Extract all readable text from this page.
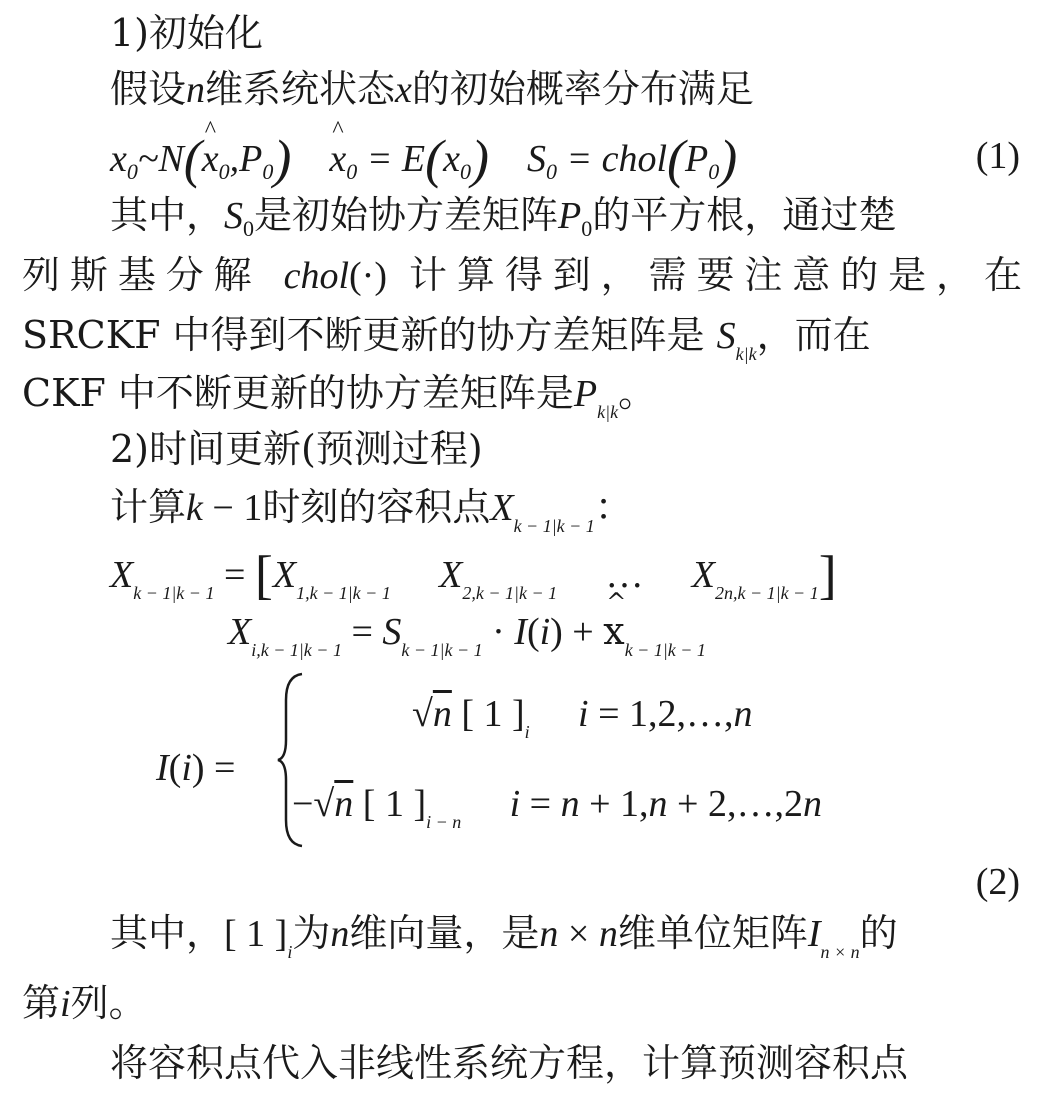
1)初始化
假设n维系统状态x的初始概率分布满足
$x_0\sim N(\^{}$ $x_0,P_0$) ^ $x_0 = E(x_0) S_0$ = $chol(P_0)$	(1)
其中，$S_0$是初始协方差矩阵$P_0$的平方根，通过楚
列斯基分解 chol(·) 计算得到，需要注意的是，在
SRCKF 中得到不断更新的协方差矩阵是 $S_{k|k}$，而在
CKF 中不断更新的协方差矩阵是$P_{k|k}$。
2)时间更新(预测过程)
计算k − 1时刻的容积点$X_{k - 1|k - 1}$：
$X_{k - 1|k - 1} = [X_{1,k - 1|k - 1}$ $X_{2,k - 1|k - 1}$ … $X_{2n,k - 1|k - 1}$]
$X_{i,k - 1|k - 1} = S_{k - 1|k - 1} \cdot I(i)$ + ^ $x_{k - 1|k - 1}$
I(i) =
√n [ 1 ]$_i$ i = 1,2,…,n
−√n [ 1 ]$_{i - n}$ i = n + 1,n + 2,…,2n
(2)
其中，[ 1 ]$_i$为n维向量，是n × n维单位矩阵$I_{n \times n}$的
第i列。
将容积点代入非线性系统方程，计算预测容积点
